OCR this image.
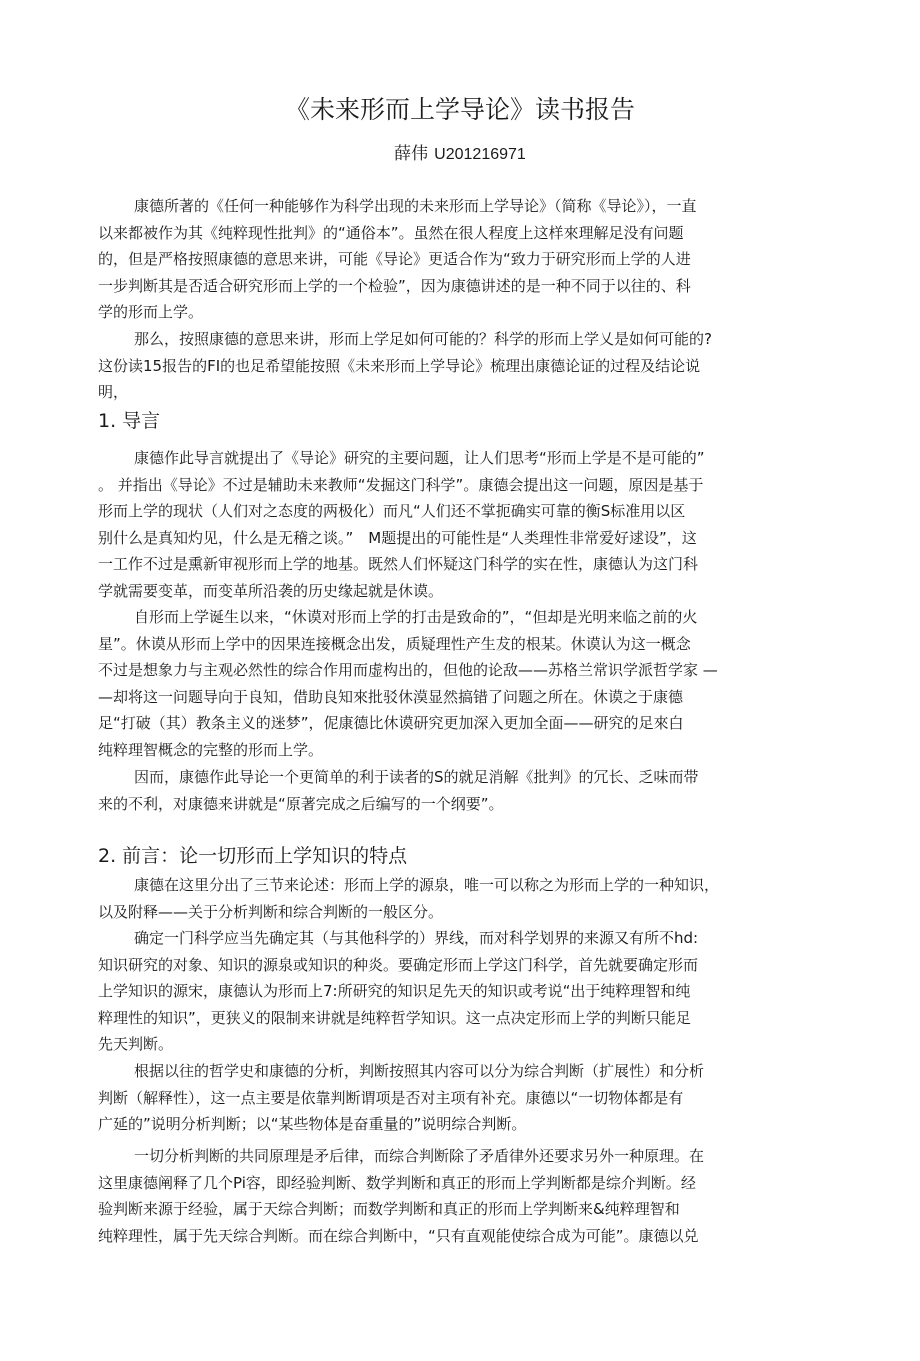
《未来形而上学导论》读书报告
薛伟 U201216971
康德所著的《任何一种能够作为科学出现的未来形而上学导论》（简称《导论》），一直
以来都被作为其《纯粹现性批判》的“通俗本”。虽然在很人程度上这样來理解足没有问题
的，但是严格按照康德的意思来讲，可能《导论》更适合作为“致力于研究形而上学的人进
一步判断其是否适合研究形而上学的一个检验”，因为康德讲述的是一种不同于以往的、科
学的形而上学。
那么，按照康德的意思来讲，形而上学足如何可能的？科学的形而上学乂是如何可能的?
这份读15报告的FI的也足希望能按照《未来形而上学导论》梳理出康德论证的过程及结论说
明，
1. 导言
康德作此导言就提出了《导论》研究的主要问题，让人们思考“形而上学是不是可能的”
。 并指出《导论》不过是辅助未来教师“发掘这门科学”。康德会提出这一问题，原因是基于
形而上学的现状（人们对之态度的两极化）而凡“人们还不掌扼确实可靠的衡S标准用以区
别什么是真知灼见，什么是无稽之谈。”　M题提出的可能性是“人类理性非常爱好逑设”，这
一工作不过是熏新审视形而上学的地基。既然人们怀疑这门科学的实在性，康德认为这门科
学就需要变革，而变革所沿袭的历史缘起就是休谟。
自形而上学诞生以来，“休谟对形而上学的打击是致命的”，“但却是光明来临之前的火
星”。休谟从形而上学中的因果连接概念出发，质疑理性产生犮的根某。休谟认为这一概念
不过是想象力与主观必然性的综合作用而虚构出的，但他的论敌——苏格兰常识学派哲学家 —
—却将这一问题导向于良知，借助良知來批驳休漠显然搞错了问题之所在。休谟之于康德
足“打破（其）教条主义的迷梦”，伲康德比休谟研究更加深入更加全面——研究的足來白
纯粹理智概念的完整的形而上学。
因而，康德作此导论一个更简单的利于读者的S的就足消解《批判》的冗长、乏味而带
来的不利，对康德来讲就是“原著完成之后编写的一个纲要”。
2. 前言：论一切形而上学知识的特点
康德在这里分出了三节来论述：形而上学的源泉，唯一可以称之为形而上学的一种知识，
以及附释——关于分析判断和综合判断的一般区分。
确定一门科学应当先确定其（与其他科学的）界线，而对科学划界的来源又有所不hd:
知识研究的对象、知识的源泉或知识的种炎。要确定形而上学这门科学，首先就要确定形而
上学知识的源宋，康德认为形而上7:所研究的知识足先天的知识或考说“出于纯粹理智和纯
粹理性的知识”，更狭义的限制来讲就是纯粹哲学知识。这一点决定形而上学的判断只能足
先天判断。
根据以往的哲学史和康德的分析，判断按照其内容可以分为综合判断（扩展性）和分析
判断（解释性），这一点主要是依靠判断谓项是否对主项有补充。康德以“一切物体都是有
广延的”说明分析判断；以“某些物体是奋重量的”说明综合判断。
一切分析判断的共同原理是矛后律，而综合判断除了矛盾律外还要求另外一种原理。在
这里康德阐释了几个Pi容，即经验判断、数学判断和真正的形而上学判断都是综介判断。经
验判断来源于经验，属于天综合判断；而数学判断和真正的形而上学判断来&纯粹理智和
纯粹理性，属于先天综合判断。而在综合判断中，“只有直观能使综合成为可能”。康德以兑
